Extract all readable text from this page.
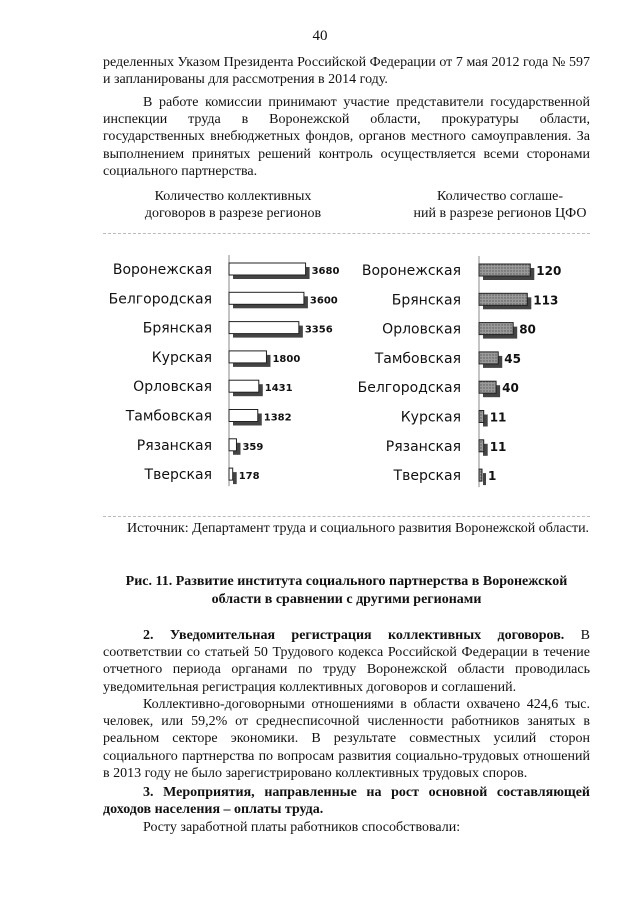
40
ределенных Указом Президента Российской Федерации от 7 мая 2012 года № 597 и запланированы для рассмотрения в 2014 году.
В работе комиссии принимают участие представители государственной инспекции труда в Воронежской области, прокуратуры области, государственных внебюджетных фондов, органов местного самоуправления. За выполнением принятых решений контроль осуществляется всеми сторонами социального партнерства.
Количество коллективных
договоров в разрезе регионов
Количество соглаше-
ний в разрезе регионов ЦФО
Воронежская	3680
Белгородская	3600
Брянская	3356
Курская	1800
Орловская	1431
Тамбовская	1382
Рязанская	359
Тверская	178
Воронежская	120
Брянская	113
Орловская	80
Тамбовская	45
Белгородская	40
Курская 11
Рязанская 11
Тверская 1
Источник: Департамент труда и социального развития Воронежской области.
Рис. 11. Развитие института социального партнерства в Воронежской области в сравнении с другими регионами
2. Уведомительная регистрация коллективных договоров. В соответствии со статьей 50 Трудового кодекса Российской Федерации в течение отчетного периода органами по труду Воронежской области проводилась уведомительная регистрация коллективных договоров и соглашений.
Коллективно-договорными отношениями в области охвачено 424,6 тыс. человек, или 59,2% от среднесписочной численности работников занятых в реальном секторе экономики. В результате совместных усилий сторон социального партнерства по вопросам развития социально-трудовых отношений в 2013 году не было зарегистрировано коллективных трудовых споров.
3. Мероприятия, направленные на рост основной составляющей доходов населения – оплаты труда.
Росту заработной платы работников способствовали:
